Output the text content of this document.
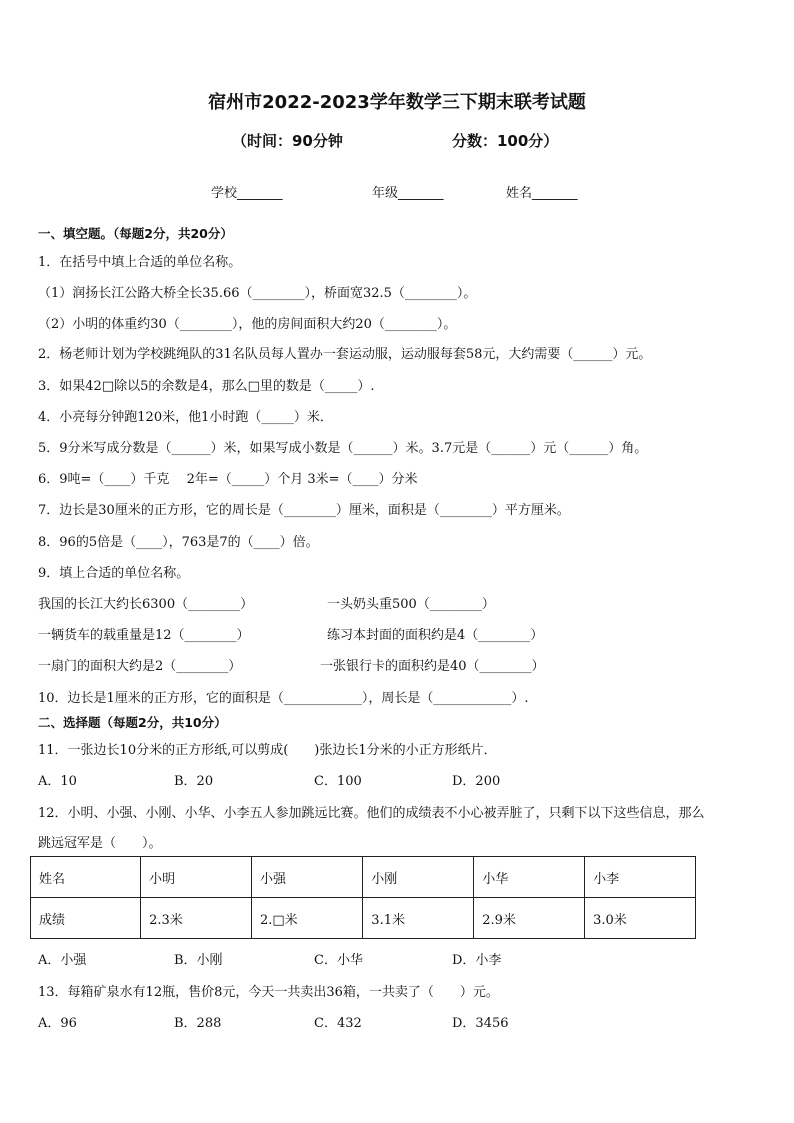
宿州市2022-2023学年数学三下期末联考试题
（时间：90分钟	分数：100分）
学校_______	年级_______	姓名_______
一、填空题。（每题2分，共20分）
1．在括号中填上合适的单位名称。
（1）润扬长江公路大桥全长35.66（________），桥面宽32.5（________）。
（2）小明的体重约30（________），他的房间面积大约20（________）。
2．杨老师计划为学校跳绳队的31名队员每人置办一套运动服，运动服每套58元，大约需要（______）元。
3．如果42□除以5的余数是4，那么□里的数是（_____）.
4．小亮每分钟跑120米，他1小时跑（_____）米．
5．9分米写成分数是（______）米，如果写成小数是（______）米。3.7元是（______）元（______）角。
6．9吨=（____）千克　 2年=（_____）个月 3米=（____）分米
7．边长是30厘米的正方形，它的周长是（________）厘米，面积是（________）平方厘米。
8．96的5倍是（____），763是7的（____）倍。
9．填上合适的单位名称。
我国的长江大约长6300（________）	一头奶头重500（________）
一辆货车的载重量是12（________）	练习本封面的面积约是4（________）
一扇门的面积大约是2（________）	一张银行卡的面积约是40（________）
10．边长是1厘米的正方形，它的面积是（____________），周长是（____________）.
二、选择题（每题2分，共10分）
11．一张边长10分米的正方形纸,可以剪成(　　)张边长1分米的小正方形纸片．
A．10	B．20	C．100	D．200
12．小明、小强、小刚、小华、小李五人参加跳远比赛。他们的成绩表不小心被弄脏了，只剩下以下这些信息，那么
跳远冠军是（　　）。
姓名	小明	小强	小刚	小华	小李
成绩	2.3米	2.□米	3.1米	2.9米	3.0米
A．小强	B．小刚	C．小华	D．小李
13．每箱矿泉水有12瓶，售价8元，今天一共卖出36箱，一共卖了（　　）元。
A．96	B．288	C．432	D．3456
